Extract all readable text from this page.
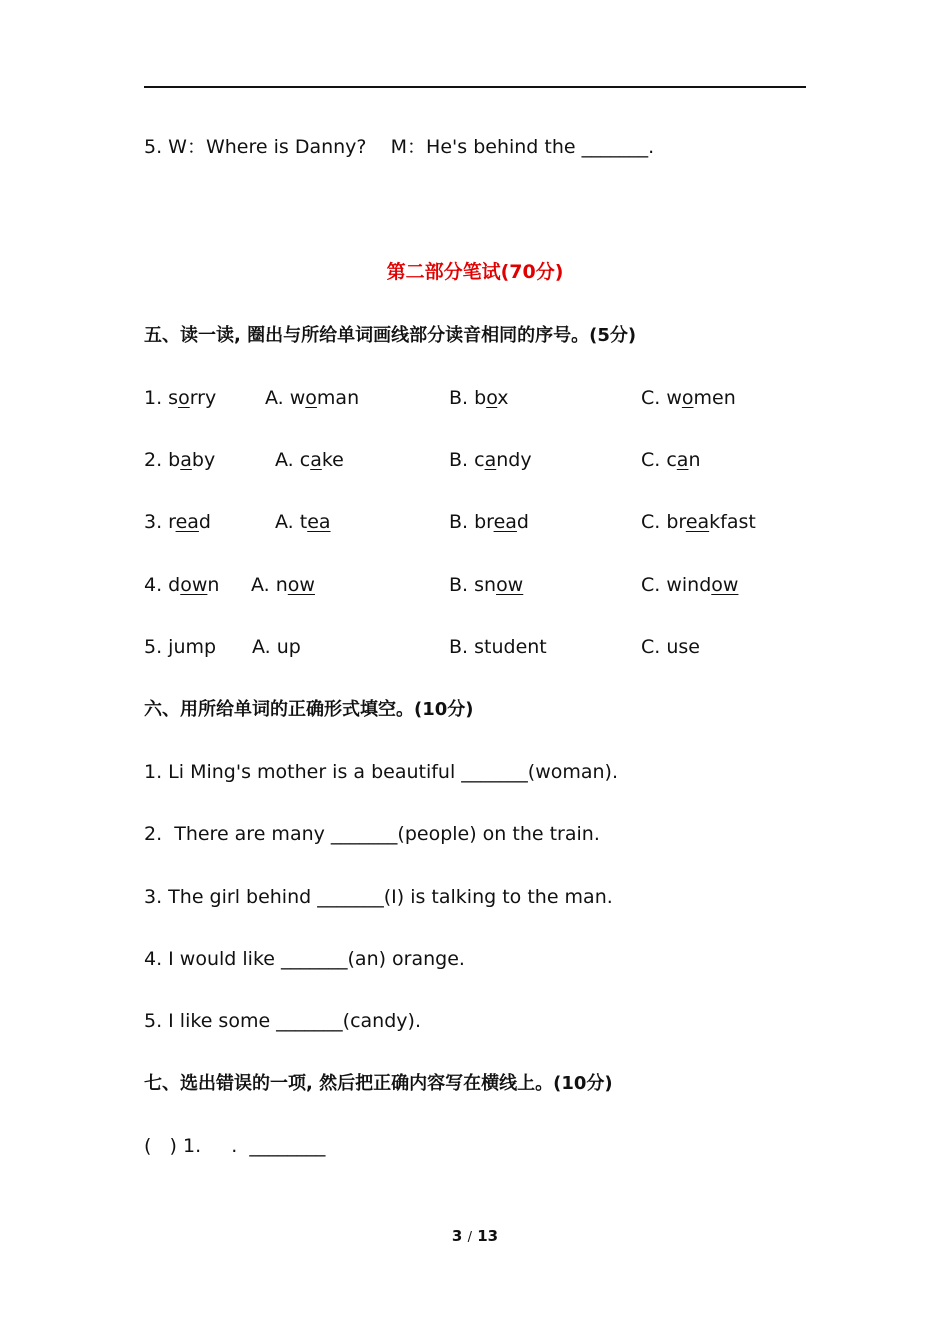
5. W：Where is Danny?    M：He's behind the _______.
第二部分笔试(70分)
五、读一读, 圈出与所给单词画线部分读音相同的序号。(5分)
1. sorry	A. woman	B. box	C. women
2. baby	A. cake	B. candy	C. can
3. read	A. tea	B. bread	C. breakfast
4. down A. now	B. snow	C. window
5. jump A. up	B. student	C. use
六、用所给单词的正确形式填空。(10分)
1. Li Ming's mother is a beautiful _______(woman).
2.  There are many _______(people) on the train.
3. The girl behind _______(I) is talking to the man.
4. I would like _______(an) orange.
5. I like some _______(candy).
七、选出错误的一项, 然后把正确内容写在横线上。(10分)
(   ) 1.     .  ________
3 / 13
